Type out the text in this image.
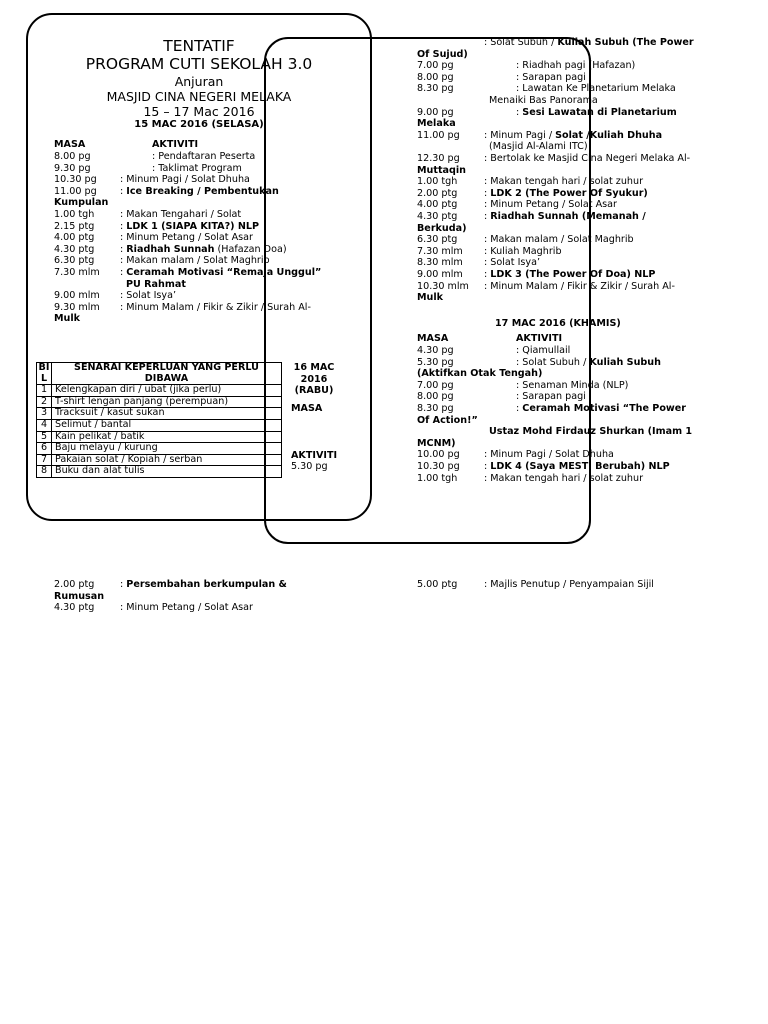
TENTATIF
PROGRAM CUTI SEKOLAH 3.0
Anjuran
MASJID CINA NEGERI MELAKA
15 – 17 Mac 2016
15 MAC 2016 (SELASA)
MASA	AKTIVITI
8.00 pg	: Pendaftaran Peserta
9.30 pg	: Taklimat Program
10.30 pg : Minum Pagi / Solat Dhuha
11.00 pg : Ice Breaking / Pembentukan
Kumpulan
1.00 tgh	: Makan Tengahari / Solat
2.15 ptg	: LDK 1 (SIAPA KITA?) NLP
4.00 ptg	: Minum Petang / Solat Asar
4.30 ptg	: Riadhah Sunnah (Hafazan Doa)
6.30 ptg	: Makan malam / Solat Maghrib
7.30 mlm : Ceramah Motivasi “Remaja Unggul”
PU Rahmat
9.00 mlm : Solat Isya’
9.30 mlm : Minum Malam / Fikir & Zikir / Surah Al-
Mulk
BIL	SENARAI KEPERLUAN YANG PERLU DIBAWA
1	Kelengkapan diri / ubat (jika perlu)
2	T-shirt lengan panjang (perempuan)
3	Tracksuit / kasut sukan
4	Selimut / bantal
5	Kain pelikat / batik
6	Baju melayu / kurung
7	Pakaian solat / Kopiah / serban
8	Buku dan alat tulis
16 MAC
2016
(RABU)
MASA
AKTIVITI
5.30 pg
: Solat Subuh / Kuliah Subuh (The Power
Of Sujud)
7.00 pg	: Riadhah pagi (Hafazan)
8.00 pg	: Sarapan pagi
8.30 pg	: Lawatan Ke Planetarium Melaka
Menaiki Bas Panorama
9.00 pg	: Sesi Lawatan di Planetarium
Melaka
11.00 pg	: Minum Pagi / Solat /Kuliah Dhuha
(Masjid Al-Alami ITC)
12.30 pg	: Bertolak ke Masjid Cina Negeri Melaka Al-
Muttaqin
1.00 tgh	: Makan tengah hari / solat zuhur
2.00 ptg	: LDK 2 (The Power Of Syukur)
4.00 ptg	: Minum Petang / Solat Asar
4.30 ptg	: Riadhah Sunnah (Memanah /
Berkuda)
6.30 ptg	: Makan malam / Solat Maghrib
7.30 mlm : Kuliah Maghrib
8.30 mlm : Solat Isya’
9.00 mlm : LDK 3 (The Power Of Doa) NLP
10.30 mlm : Minum Malam / Fikir & Zikir / Surah Al-
Mulk
17 MAC 2016 (KHAMIS)
MASA	AKTIVITI
4.30 pg	: Qiamullail
5.30 pg	: Solat Subuh / Kuliah Subuh
(Aktifkan Otak Tengah)
7.00 pg	: Senaman Minda (NLP)
8.00 pg	: Sarapan pagi
8.30 pg	: Ceramah Motivasi “The Power
Of Action!”
Ustaz Mohd Firdauz Shurkan (Imam 1
MCNM)
10.00 pg	: Minum Pagi / Solat Dhuha
10.30 pg	: LDK 4 (Saya MESTI Berubah) NLP
1.00 tgh	: Makan tengah hari / solat zuhur
2.00 ptg	: Persembahan berkumpulan &
Rumusan
4.30 ptg	: Minum Petang / Solat Asar
5.00 ptg	: Majlis Penutup / Penyampaian Sijil
